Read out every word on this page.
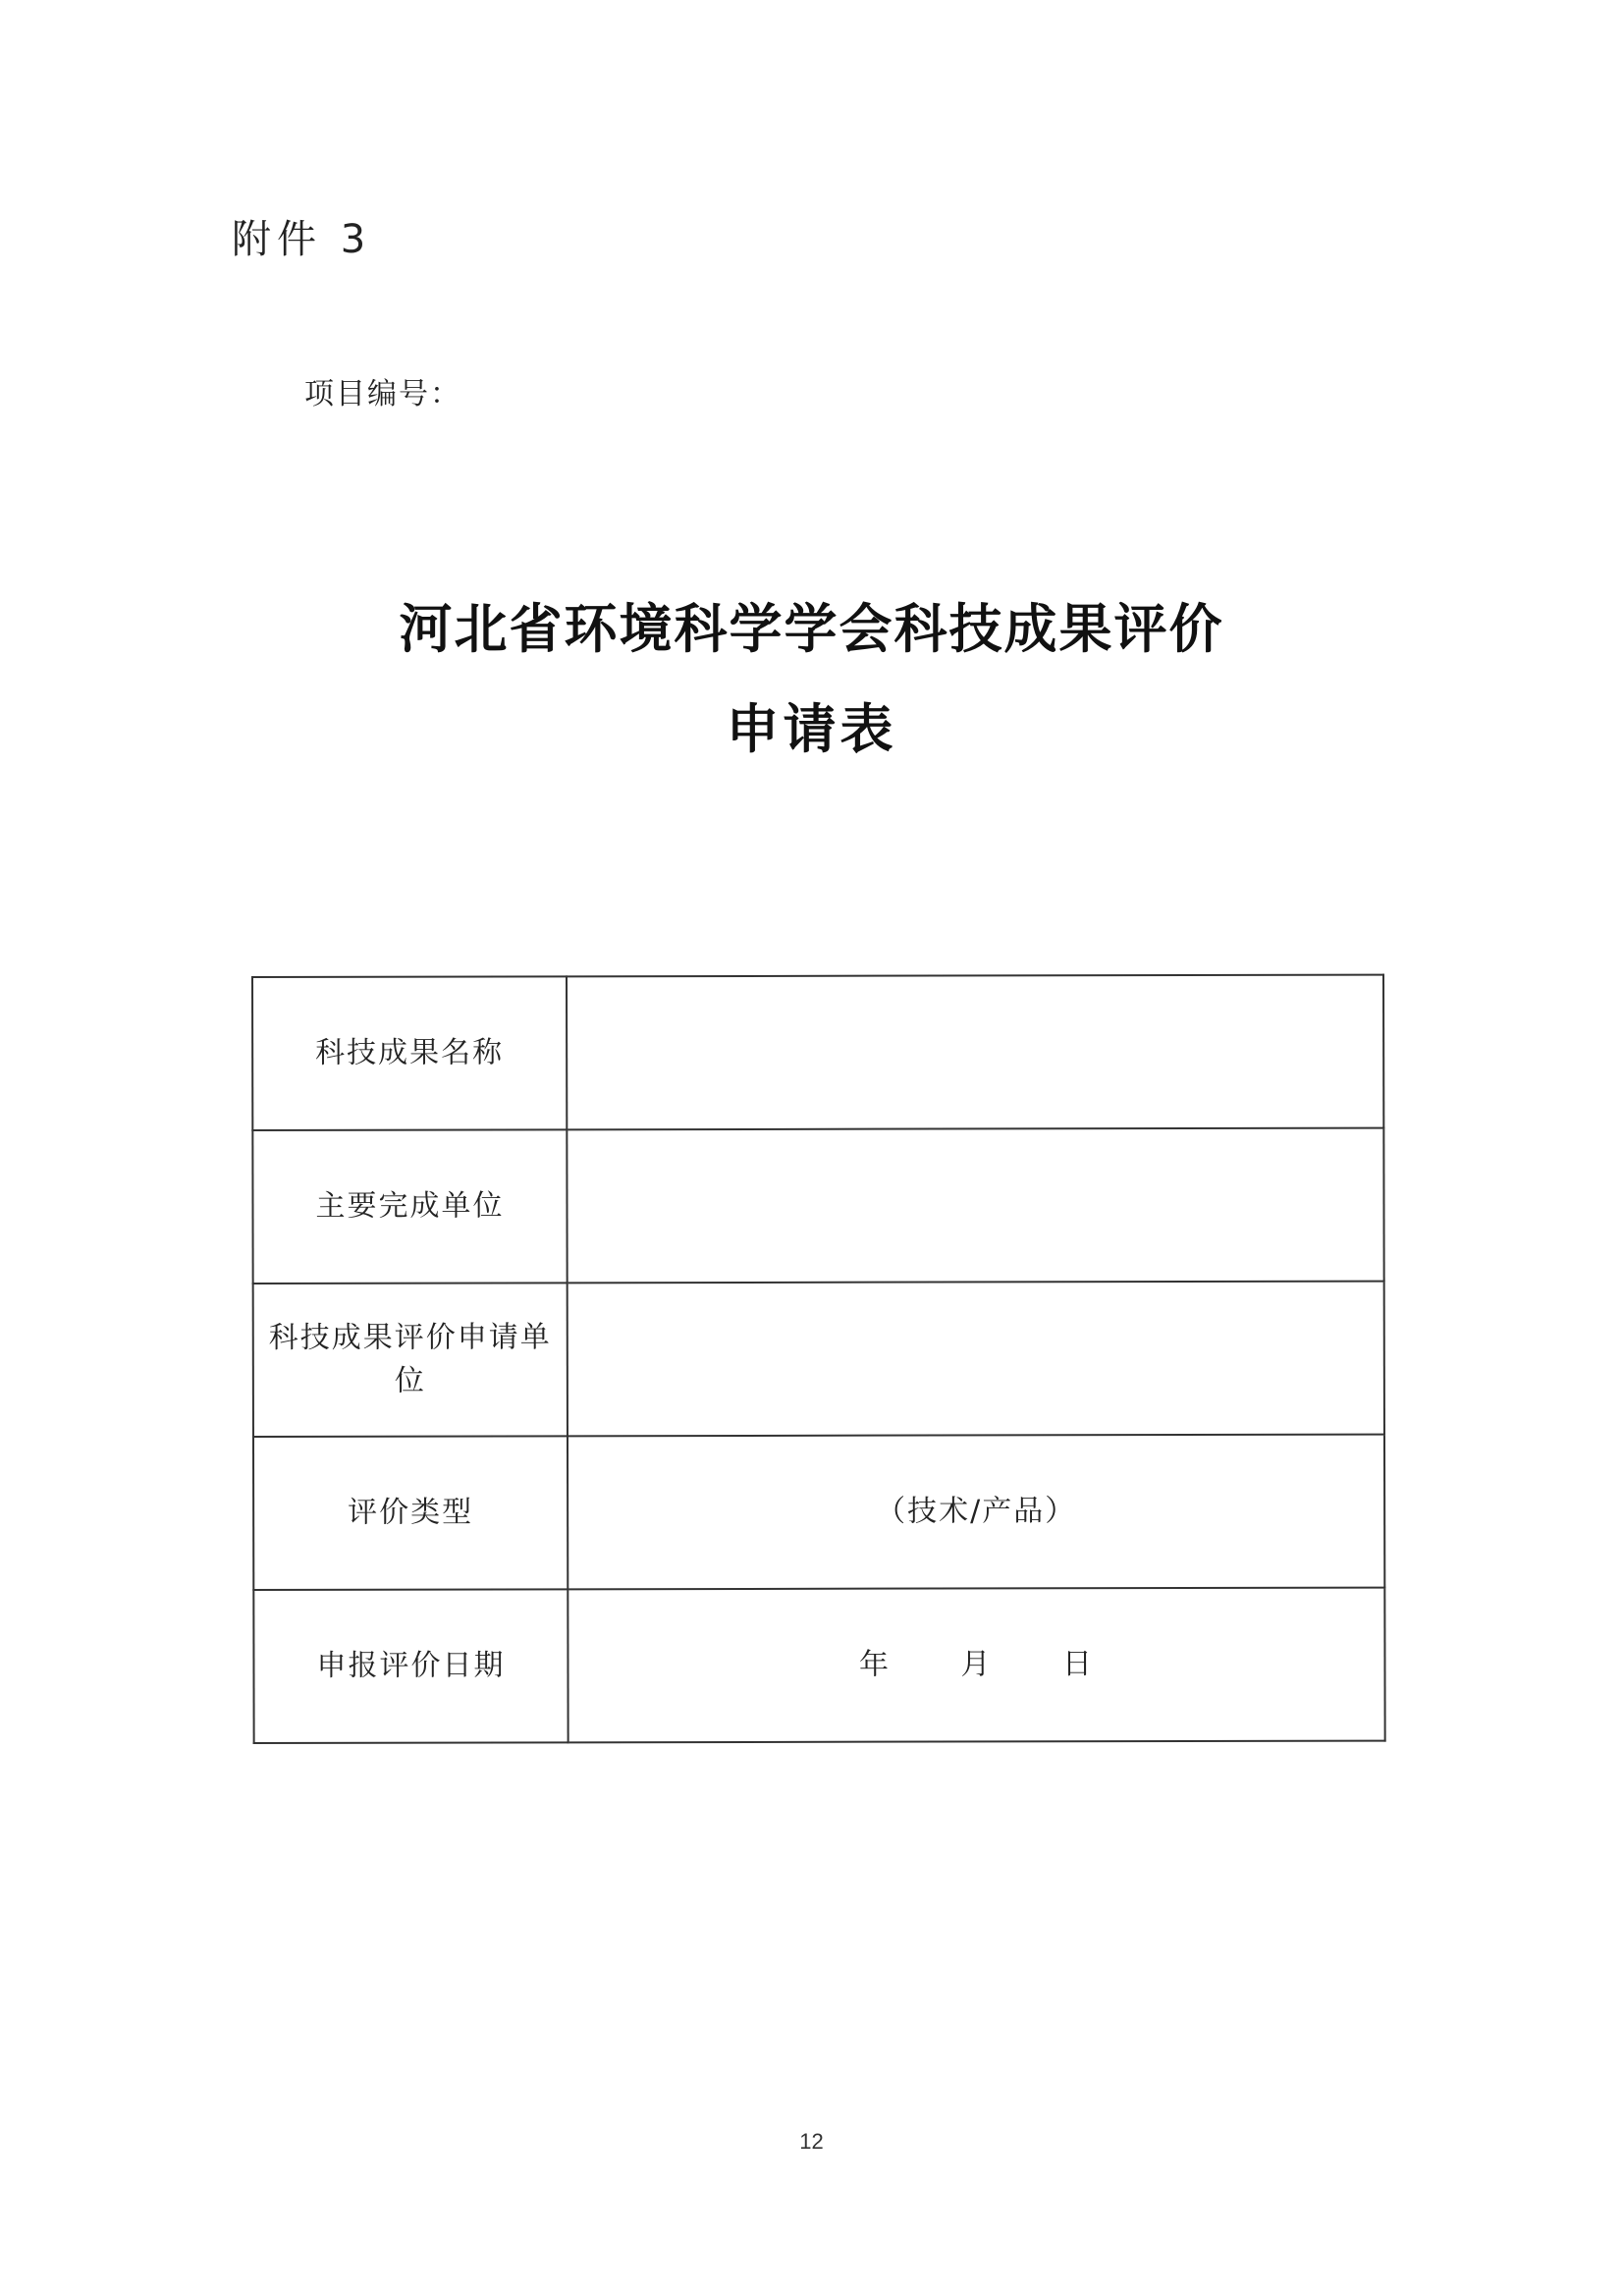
附件 3
项目编号：
河北省环境科学学会科技成果评价
申请表
科技成果名称	
主要完成单位	
科技成果评价申请单位	
评价类型	（技术/产品）
申报评价日期	年 月 日
12
